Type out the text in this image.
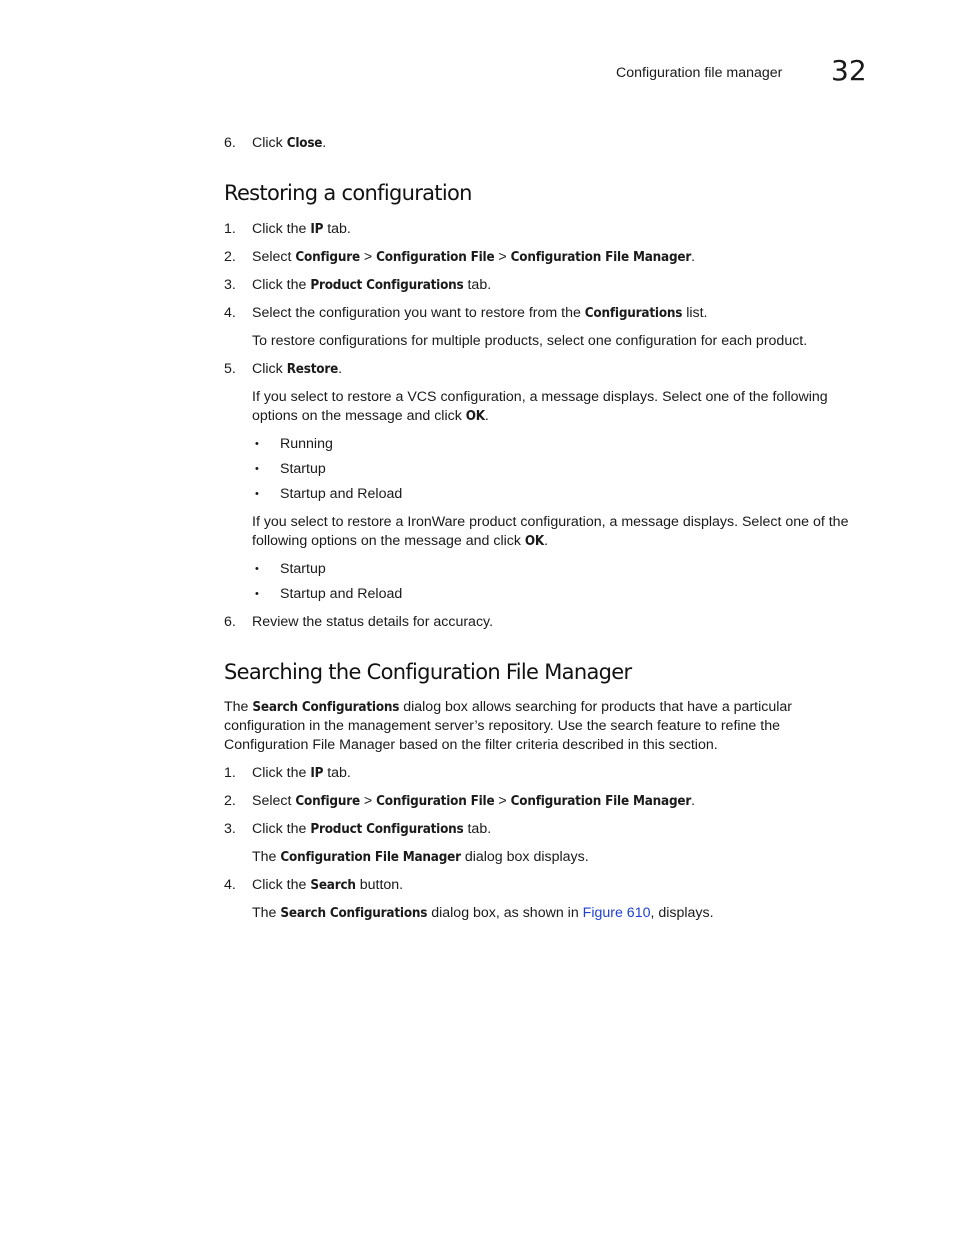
Configuration file manager 32
6. Click Close.
Restoring a configuration
1. Click the IP tab.
2. Select Configure > Configuration File > Configuration File Manager.
3. Click the Product Configurations tab.
4. Select the configuration you want to restore from the Configurations list.
To restore configurations for multiple products, select one configuration for each product.
5. Click Restore.
If you select to restore a VCS configuration, a message displays. Select one of the following
options on the message and click OK.
• Running
• Startup
• Startup and Reload
If you select to restore a IronWare product configuration, a message displays. Select one of the
following options on the message and click OK.
• Startup
• Startup and Reload
6. Review the status details for accuracy.
Searching the Configuration File Manager
The Search Configurations dialog box allows searching for products that have a particular
configuration in the management server’s repository. Use the search feature to refine the
Configuration File Manager based on the filter criteria described in this section.
1. Click the IP tab.
2. Select Configure > Configuration File > Configuration File Manager.
3. Click the Product Configurations tab.
The Configuration File Manager dialog box displays.
4. Click the Search button.
The Search Configurations dialog box, as shown in Figure 610, displays.
